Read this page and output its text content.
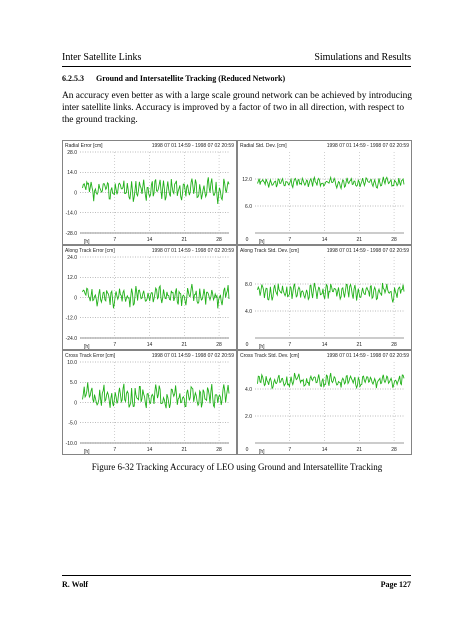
Inter Satellite Links	Simulations and Results
6.2.5.3 Ground and Intersatellite Tracking (Reduced Network)
An accuracy even better as with a large scale ground network can be achieved by introducing inter satellite links. Accuracy is improved by a factor of two in all direction, with respect to the ground tracking.
Radial Error [cm]	1998 07 01 14:59 - 1998 07 02 20:59
28.0
14.0
0
-14.0
-28.0
7	14	21	28
[h]
Radial Std. Dev. [cm]	1998 07 01 14:59 - 1998 07 02 20:59
12.0
6.0
0	7	14	21	28
[h]
Along Track Error [cm]	1998 07 01 14:59 - 1998 07 02 20:59
24.0
12.0
0
-12.0
-24.0
7	14	21	28
[h]
Along Track Std. Dev. [cm]	1998 07 01 14:59 - 1998 07 02 20:59
8.0
4.0
0	7	14	21	28
[h]
Cross Track Error [cm]	1998 07 01 14:59 - 1998 07 02 20:59
10.0
5.0
0
-5.0
-10.0
7	14	21	28
[h]
Cross Track Std. Dev. [cm]	1998 07 01 14:59 - 1998 07 02 20:59
4.0
2.0
0	7	14	21	28
[h]
Figure 6-32 Tracking Accuracy of LEO using Ground and Intersatellite Tracking
R. Wolf	Page 127
